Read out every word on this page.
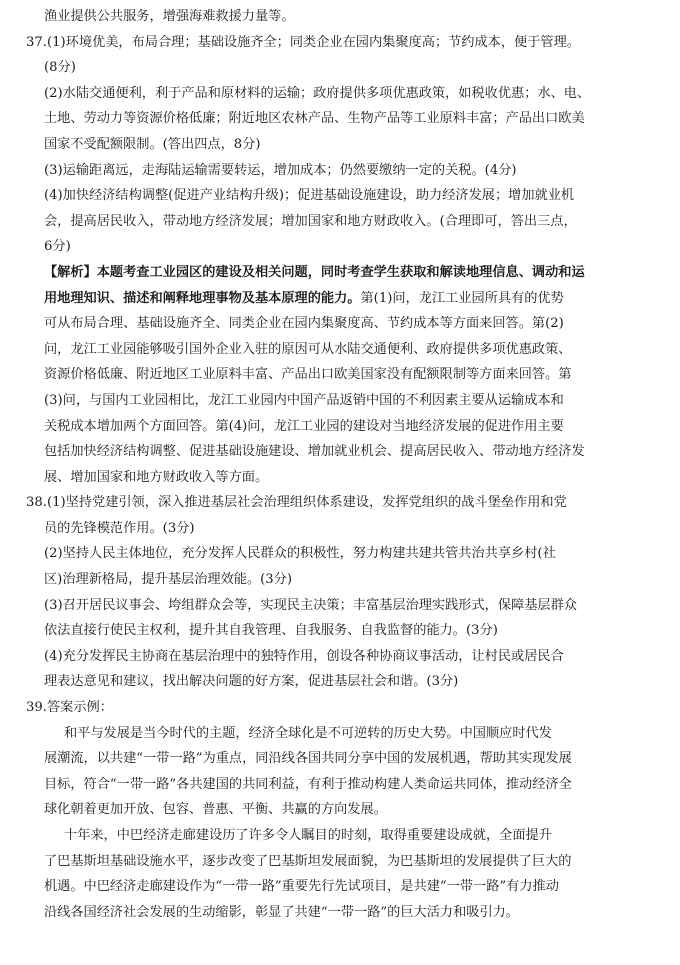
渔业提供公共服务，增强海难救援力量等。
37.(1)环境优美，布局合理；基础设施齐全；同类企业在园内集聚度高；节约成本，便于管理。
(8分)
(2)水陆交通便利，利于产品和原材料的运输；政府提供多项优惠政策，如税收优惠；水、电、
土地、劳动力等资源价格低廉；附近地区农林产品、生物产品等工业原料丰富；产品出口欧美
国家不受配额限制。(答出四点，8分)
(3)运输距离远，走海陆运输需要转运，增加成本；仍然要缴纳一定的关税。(4分)
(4)加快经济结构调整(促进产业结构升级)；促进基础设施建设，助力经济发展；增加就业机
会，提高居民收入，带动地方经济发展；增加国家和地方财政收入。(合理即可，答出三点，
6分)
【解析】本题考查工业园区的建设及相关问题，同时考查学生获取和解读地理信息、调动和运
用地理知识、描述和阐释地理事物及基本原理的能力。第(1)问，龙江工业园所具有的优势
可从布局合理、基础设施齐全、同类企业在园内集聚度高、节约成本等方面来回答。第(2)
问，龙江工业园能够吸引国外企业入驻的原因可从水陆交通便利、政府提供多项优惠政策、
资源价格低廉、附近地区工业原料丰富、产品出口欧美国家没有配额限制等方面来回答。第
(3)问，与国内工业园相比，龙江工业园内中国产品返销中国的不利因素主要从运输成本和
关税成本增加两个方面回答。第(4)问，龙江工业园的建设对当地经济发展的促进作用主要
包括加快经济结构调整、促进基础设施建设、增加就业机会、提高居民收入、带动地方经济发
展、增加国家和地方财政收入等方面。
38.(1)坚持党建引领，深入推进基层社会治理组织体系建设，发挥党组织的战斗堡垒作用和党
员的先锋模范作用。(3分)
(2)坚持人民主体地位，充分发挥人民群众的积极性，努力构建共建共管共治共享乡村(社
区)治理新格局，提升基层治理效能。(3分)
(3)召开居民议事会、垮组群众会等，实现民主决策；丰富基层治理实践形式，保障基层群众
依法直接行使民主权利，提升其自我管理、自我服务、自我监督的能力。(3分)
(4)充分发挥民主协商在基层治理中的独特作用，创设各种协商议事活动，让村民或居民合
理表达意见和建议，找出解决问题的好方案，促进基层社会和谐。(3分)
39.答案示例：
和平与发展是当今时代的主题，经济全球化是不可逆转的历史大势。中国顺应时代发
展潮流，以共建“一带一路”为重点，同沿线各国共同分享中国的发展机遇，帮助其实现发展
目标，符合“一带一路”各共建国的共同利益，有利于推动构建人类命运共同体，推动经济全
球化朝着更加开放、包容、普惠、平衡、共赢的方向发展。
十年来，中巴经济走廊建设历了许多令人瞩目的时刻，取得重要建设成就，全面提升
了巴基斯坦基础设施水平，逐步改变了巴基斯坦发展面貌，为巴基斯坦的发展提供了巨大的
机遇。中巴经济走廊建设作为“一带一路”重要先行先试项目，是共建“一带一路”有力推动
沿线各国经济社会发展的生动缩影，彰显了共建“一带一路”的巨大活力和吸引力。
